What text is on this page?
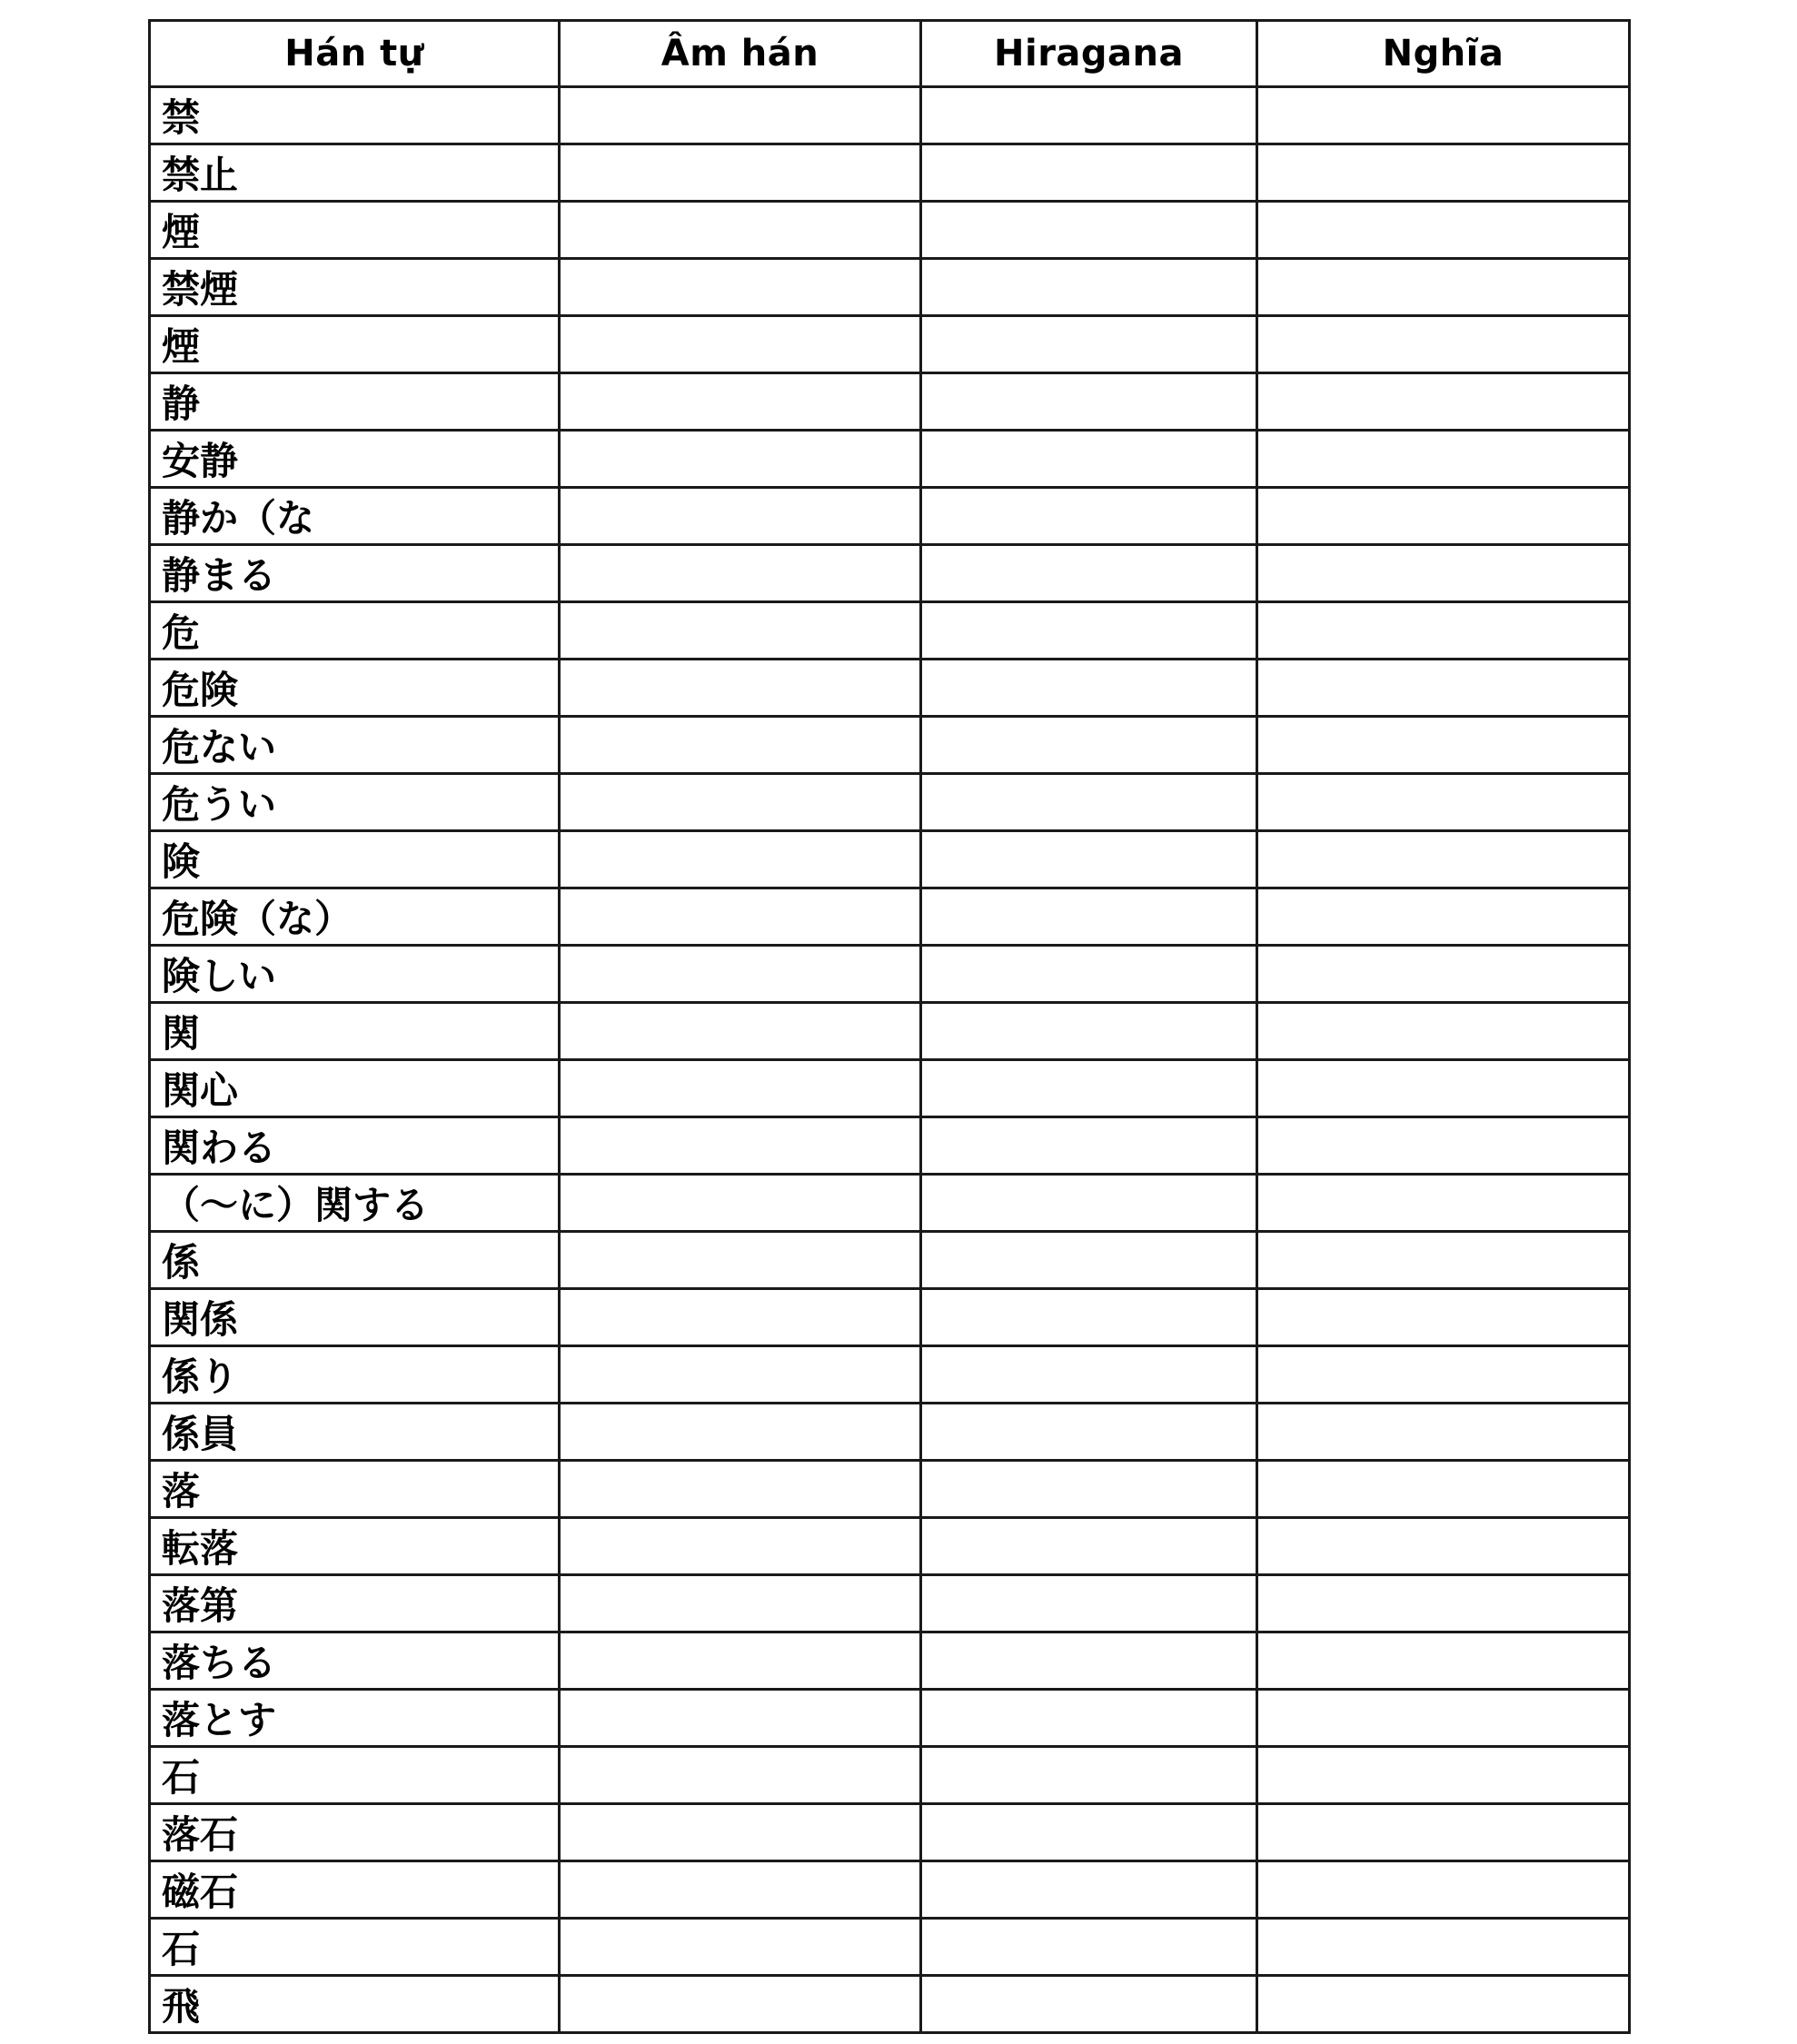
Hán tự	Âm hán	Hiragana	Nghĩa
禁			
禁止			
煙			
禁煙			
煙			
静			
安静			
静か（な			
静まる			
危			
危険			
危ない			
危うい			
険			
危険（な）			
険しい			
関			
関心			
関わる			
（～に）関する			
係			
関係			
係り			
係員			
落			
転落			
落第			
落ちる			
落とす			
石			
落石			
磁石			
石			
飛			
